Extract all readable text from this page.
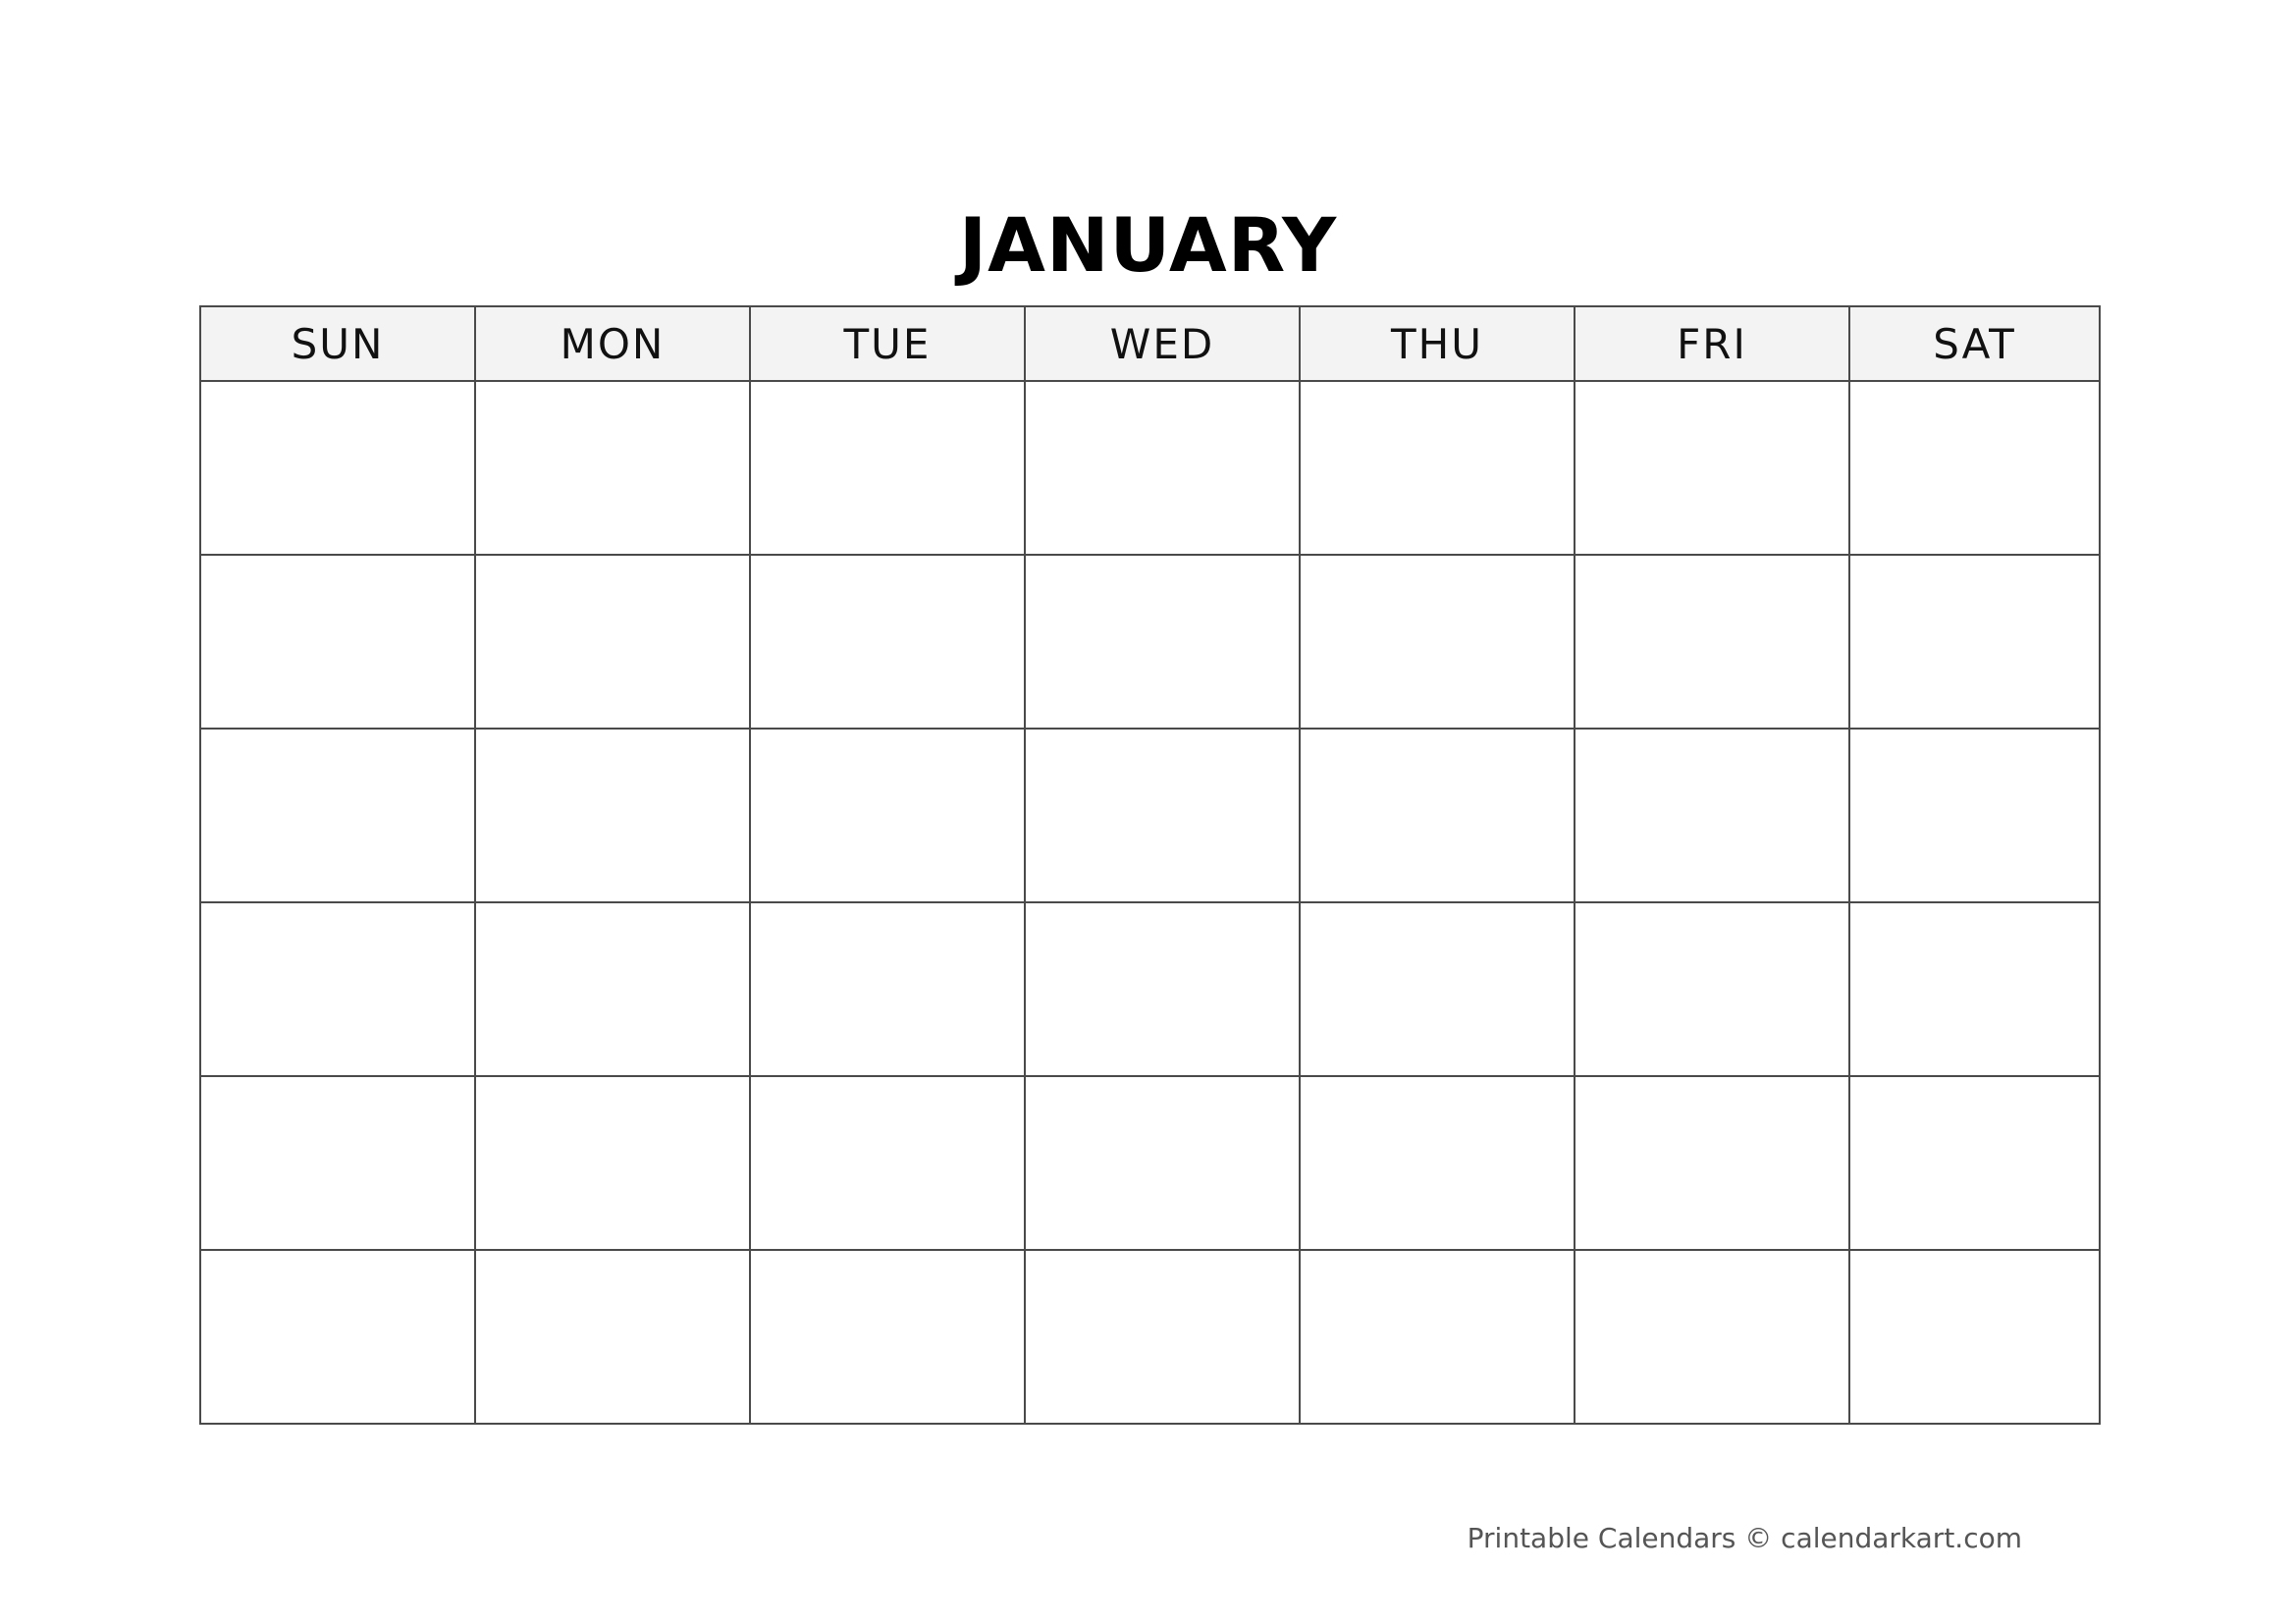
JANUARY
SUN	MON	TUE	WED	THU	FRI	SAT

Printable Calendars © calendarkart.com
